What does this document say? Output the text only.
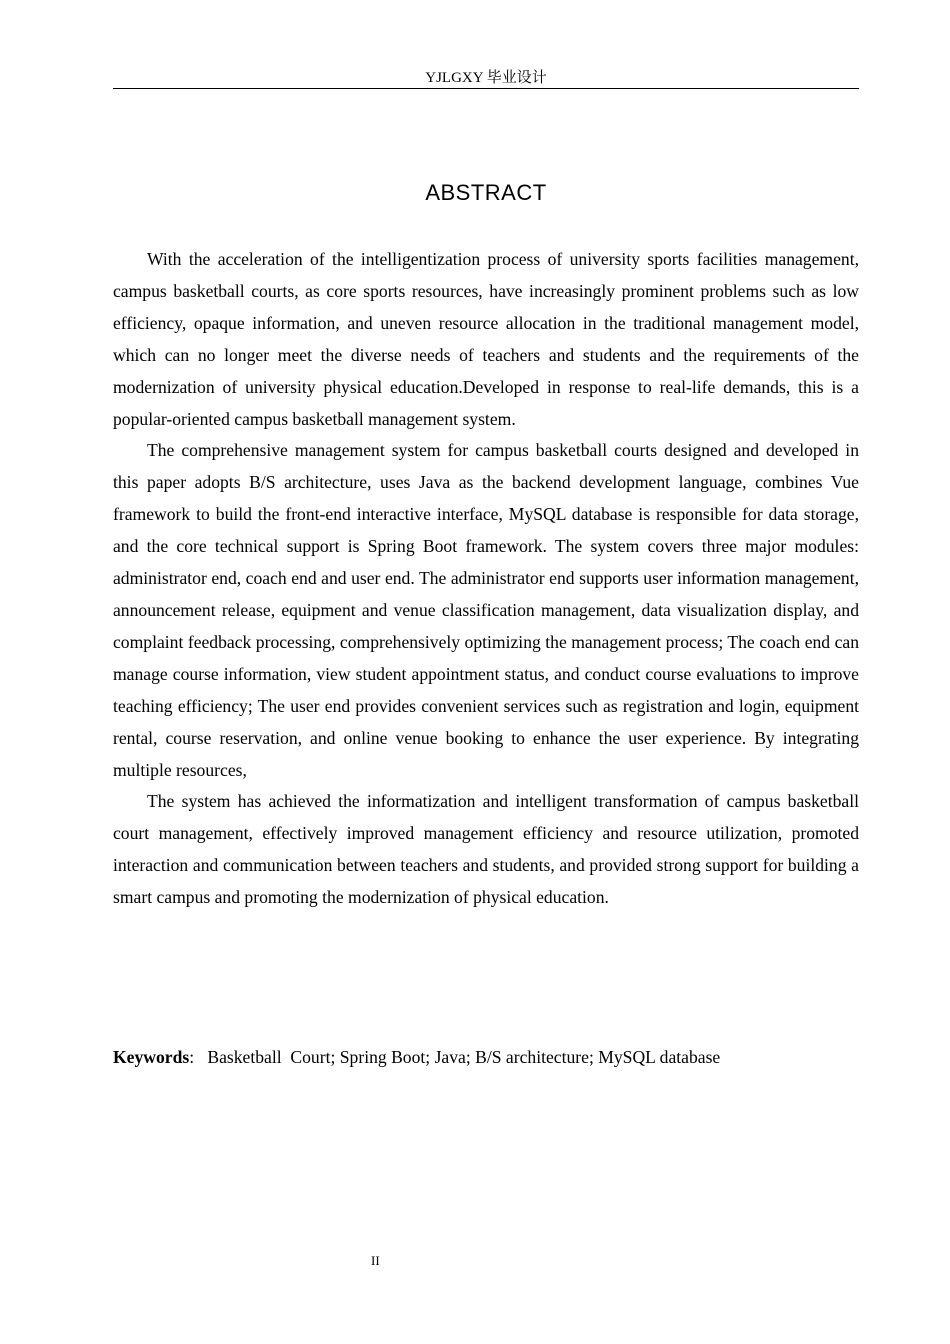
YJLGXY 毕业设计
ABSTRACT

With the acceleration of the intelligentization process of university sports facilities management, campus basketball courts, as core sports resources, have increasingly prominent problems such as low efficiency, opaque information, and uneven resource allocation in the traditional management model, which can no longer meet the diverse needs of teachers and students and the requirements of the modernization of university physical education.Developed in response to real-life demands, this is a popular-oriented campus basketball management system.

The comprehensive management system for campus basketball courts designed and developed in this paper adopts B/S architecture, uses Java as the backend development language, combines Vue framework to build the front-end interactive interface, MySQL database is responsible for data storage, and the core technical support is Spring Boot framework. The system covers three major modules: administrator end, coach end and user end. The administrator end supports user information management, announcement release, equipment and venue classification management, data visualization display, and complaint feedback processing, comprehensively optimizing the management process; The coach end can manage course information, view student appointment status, and conduct course evaluations to improve teaching efficiency; The user end provides convenient services such as registration and login, equipment rental, course reservation, and online venue booking to enhance the user experience. By integrating multiple resources,

The system has achieved the informatization and intelligent transformation of campus basketball court management, effectively improved management efficiency and resource utilization, promoted interaction and communication between teachers and students, and provided strong support for building a smart campus and promoting the modernization of physical education.

Keywords:   Basketball  Court; Spring Boot; Java; B/S architecture; MySQL database
II
